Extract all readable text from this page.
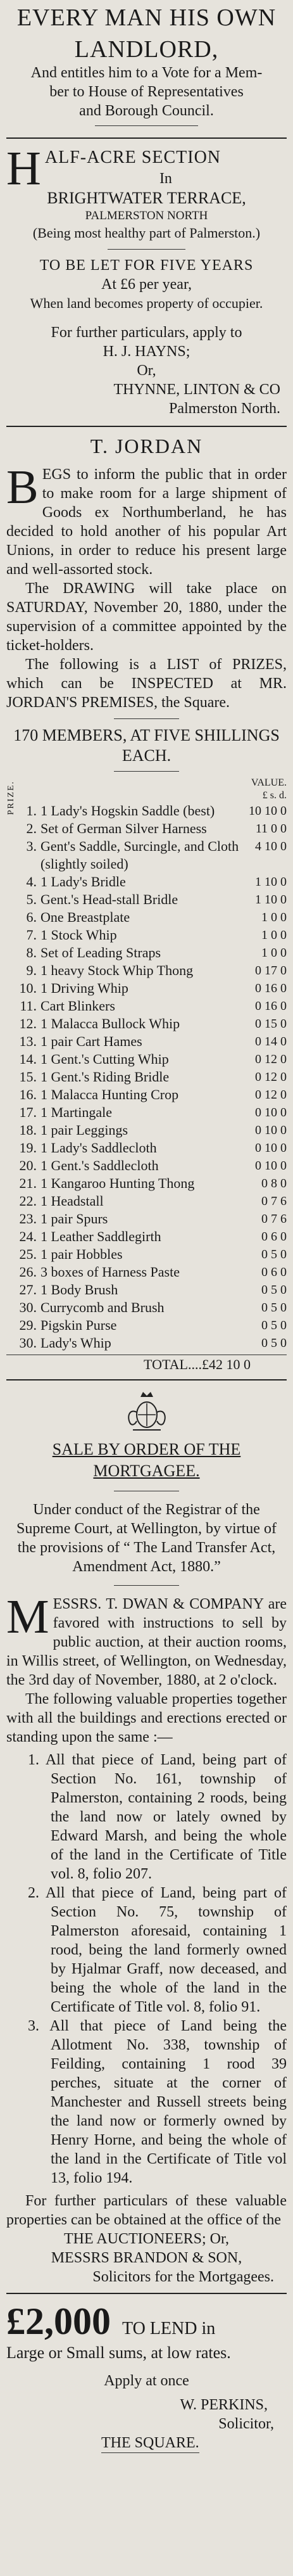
EVERY MAN HIS OWN
LANDLORD,
And entitles him to a Vote for a Mem-
ber to House of Representatives
and Borough Council.
H ALF-ACRE SECTION
In
BRIGHTWATER TERRACE,
PALMERSTON NORTH
(Being most healthy part of Palmerston.)
TO BE LET FOR FIVE YEARS
At £6 per year,
When land becomes property of occupier.
For further particulars, apply to
H. J. HAYNS;
Or,
THYNNE, LINTON & CO
Palmerston North.
T. JORDAN
BEGS to inform the public that in order to make room for a large shipment of Goods ex Northumberland, he has decided to hold another of his popular Art Unions, in order to reduce his present large and well-assorted stock.
The DRAWING will take place on SATURDAY, November 20, 1880, under the supervision of a committee appointed by the ticket-holders.
The following is a LIST of PRIZES, which can be INSPECTED at MR. JORDAN'S PREMISES, the Square.
170 MEMBERS, AT FIVE SHILLINGS EACH.
PRIZE.	VALUE.
£ s. d.
1.	1 Lady's Hogskin Saddle (best)	10 10 0
2.	Set of German Silver Harness	11 0 0
3.	Gent's Saddle, Surcingle, and Cloth (slightly soiled)	4 10 0
4.	1 Lady's Bridle	1 10 0
5.	Gent.'s Head-stall Bridle	1 10 0
6.	One Breastplate	1 0 0
7.	1 Stock Whip	1 0 0
8.	Set of Leading Straps	1 0 0
9.	1 heavy Stock Whip Thong	0 17 0
10.	1 Driving Whip	0 16 0
11.	Cart Blinkers	0 16 0
12.	1 Malacca Bullock Whip	0 15 0
13.	1 pair Cart Hames	0 14 0
14.	1 Gent.'s Cutting Whip	0 12 0
15.	1 Gent.'s Riding Bridle	0 12 0
16.	1 Malacca Hunting Crop	0 12 0
17.	1 Martingale	0 10 0
18.	1 pair Leggings	0 10 0
19.	1 Lady's Saddlecloth	0 10 0
20.	1 Gent.'s Saddlecloth	0 10 0
21.	1 Kangaroo Hunting Thong	0 8 0
22.	1 Headstall	0 7 6
23.	1 pair Spurs	0 7 6
24.	1 Leather Saddlegirth	0 6 0
25.	1 pair Hobbles	0 5 0
26.	3 boxes of Harness Paste	0 6 0
27.	1 Body Brush	0 5 0
30.	Currycomb and Brush	0 5 0
29.	Pigskin Purse	0 5 0
30.	Lady's Whip	0 5 0
TOTAL....£42 10 0
SALE BY ORDER OF THE MORTGAGEE.
Under conduct of the Registrar of the Supreme Court, at Wellington, by virtue of the provisions of “ The Land Transfer Act, Amendment Act, 1880.”
MESSRS. T. DWAN & COMPANY are favored with instructions to sell by public auction, at their auction rooms, in Willis street, of Wellington, on Wednesday, the 3rd day of November, 1880, at 2 o'clock.
The following valuable properties together with all the buildings and erections erected or standing upon the same :—
1. All that piece of Land, being part of Section No. 161, township of Palmerston, containing 2 roods, being the land now or lately owned by Edward Marsh, and being the whole of the land in the Certificate of Title vol. 8, folio 207.
2. All that piece of Land, being part of Section No. 75, township of Palmerston aforesaid, containing 1 rood, being the land formerly owned by Hjalmar Graff, now deceased, and being the whole of the land in the Certificate of Title vol. 8, folio 91.
3. All that piece of Land being the Allotment No. 338, township of Feilding, containing 1 rood 39 perches, situate at the corner of Manchester and Russell streets being the land now or formerly owned by Henry Horne, and being the whole of the land in the Certificate of Title vol 13, folio 194.
For further particulars of these valuable properties can be obtained at the office of the
THE AUCTIONEERS; Or,
MESSRS BRANDON & SON,
Solicitors for the Mortgagees.
£2,000 TO LEND in
Large or Small sums, at low rates.
Apply at once
W. PERKINS,
Solicitor,
THE SQUARE.
